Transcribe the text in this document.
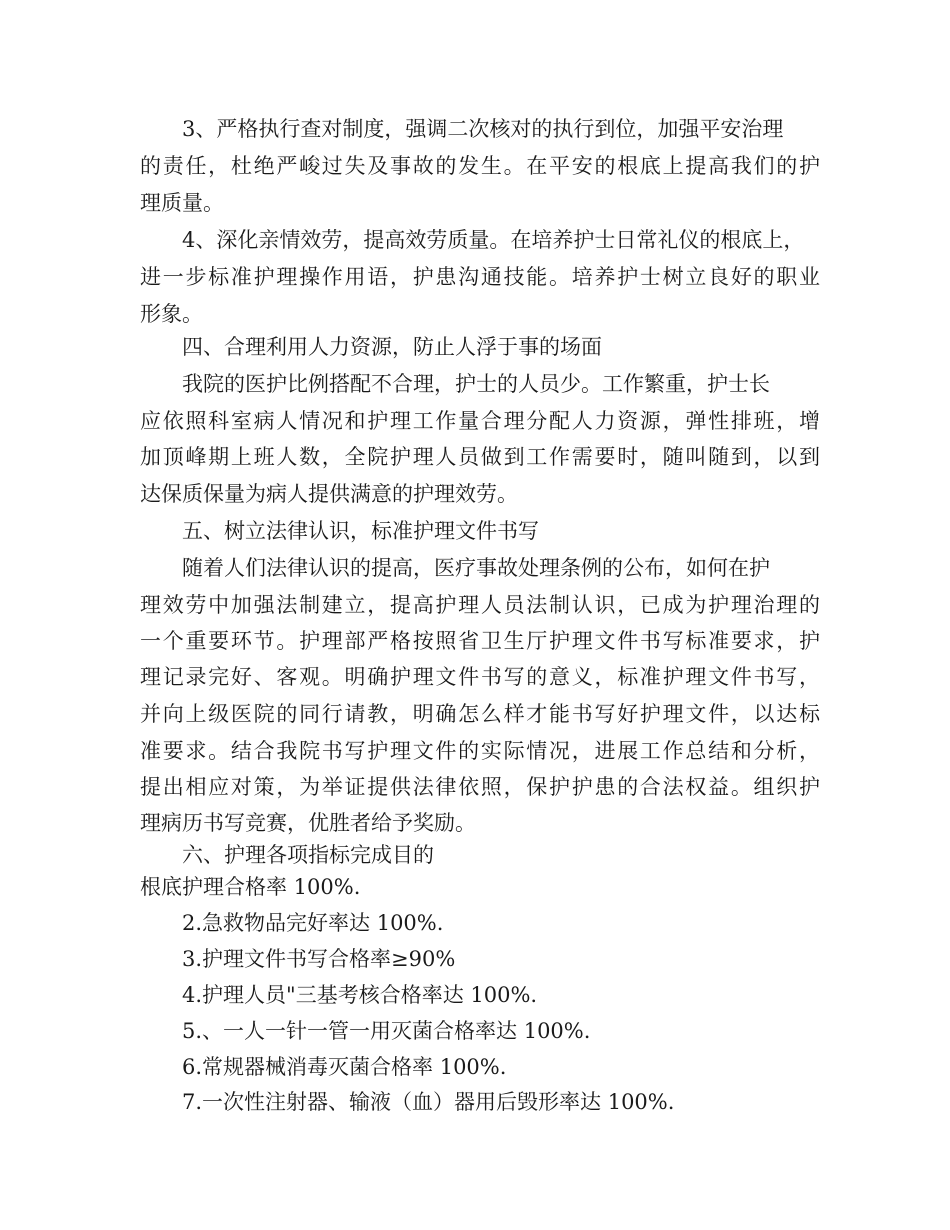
3、严格执行查对制度，强调二次核对的执行到位，加强平安治理
的责任，杜绝严峻过失及事故的发生。在平安的根底上提高我们的护
理质量。
4、深化亲情效劳，提高效劳质量。在培养护士日常礼仪的根底上，
进一步标准护理操作用语，护患沟通技能。培养护士树立良好的职业
形象。
四、合理利用人力资源，防止人浮于事的场面
我院的医护比例搭配不合理，护士的人员少。工作繁重，护士长
应依照科室病人情况和护理工作量合理分配人力资源，弹性排班，增
加顶峰期上班人数，全院护理人员做到工作需要时，随叫随到，以到
达保质保量为病人提供满意的护理效劳。
五、树立法律认识，标准护理文件书写
随着人们法律认识的提高，医疗事故处理条例的公布，如何在护
理效劳中加强法制建立，提高护理人员法制认识，已成为护理治理的
一个重要环节。护理部严格按照省卫生厅护理文件书写标准要求，护
理记录完好、客观。明确护理文件书写的意义，标准护理文件书写，
并向上级医院的同行请教，明确怎么样才能书写好护理文件，以达标
准要求。结合我院书写护理文件的实际情况，进展工作总结和分析，
提出相应对策，为举证提供法律依照，保护护患的合法权益。组织护
理病历书写竞赛，优胜者给予奖励。
六、护理各项指标完成目的
根底护理合格率 100%.
2.急救物品完好率达 100%.
3.护理文件书写合格率≥90%
4.护理人员"三基考核合格率达 100%.
5.、一人一针一管一用灭菌合格率达 100%.
6.常规器械消毒灭菌合格率 100%.
7.一次性注射器、输液（血）器用后毁形率达 100%.
